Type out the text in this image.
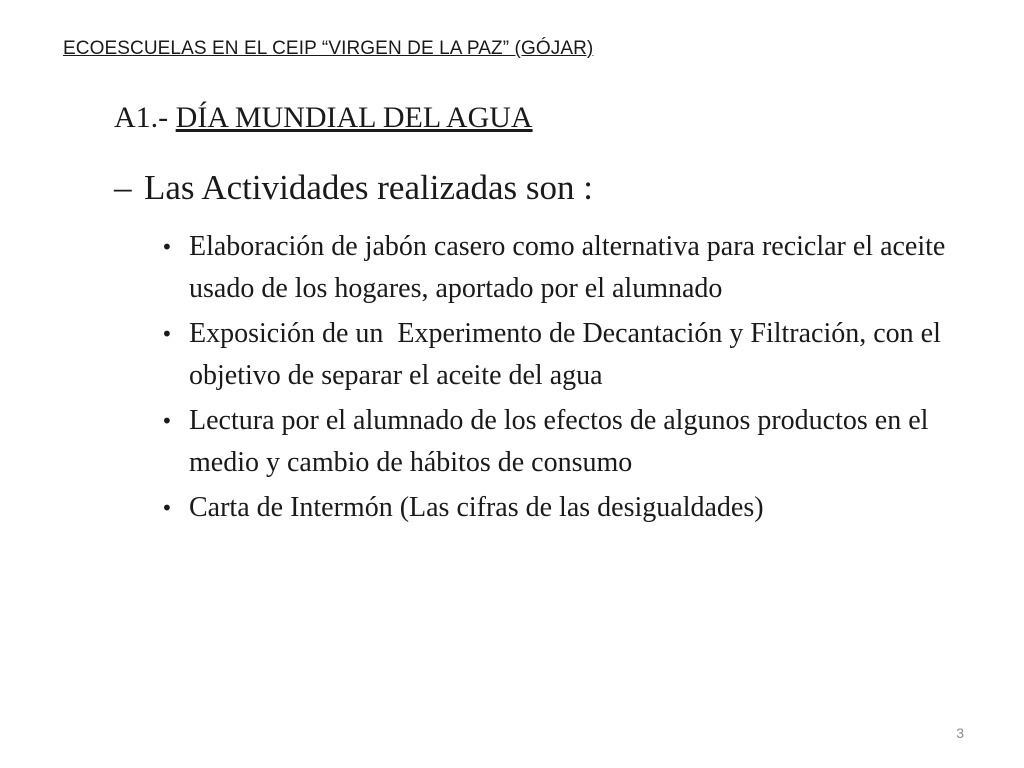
ECOESCUELAS EN EL CEIP “VIRGEN DE LA PAZ” (GÓJAR)
A1.- DÍA MUNDIAL DEL AGUA
– Las Actividades realizadas son :
• Elaboración de jabón casero como alternativa para reciclar el aceite usado de los hogares, aportado por el alumnado
• Exposición de un  Experimento de Decantación y Filtración, con el objetivo de separar el aceite del agua
• Lectura por el alumnado de los efectos de algunos productos en el medio y cambio de hábitos de consumo
• Carta de Intermón (Las cifras de las desigualdades)
3
